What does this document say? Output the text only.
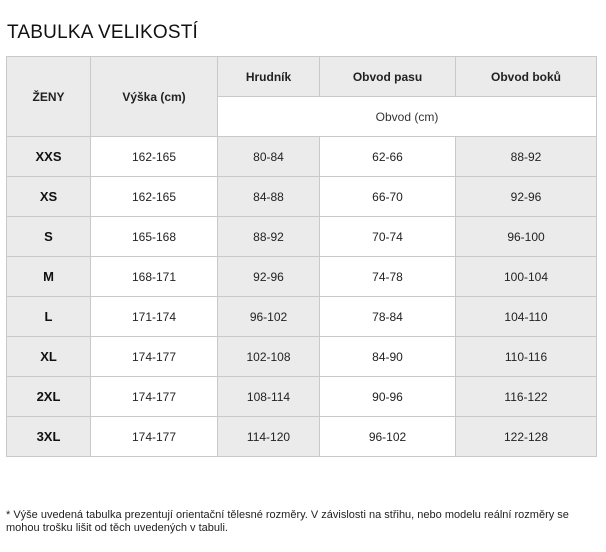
TABULKA VELIKOSTÍ
ŽENY	Výška (cm)	Hrudník	Obvod pasu	Obvod boků
		Obvod (cm)		
XXS	162-165	80-84	62-66	88-92
XS	162-165	84-88	66-70	92-96
S	165-168	88-92	70-74	96-100
M	168-171	92-96	74-78	100-104
L	171-174	96-102	78-84	104-110
XL	174-177	102-108	84-90	110-116
2XL	174-177	108-114	90-96	116-122
3XL	174-177	114-120	96-102	122-128

* Výše uvedená tabulka prezentují orientační tělesné rozměry. V závislosti na střihu, nebo modelu reální rozměry se mohou trošku lišit od těch uvedených v tabuli.
